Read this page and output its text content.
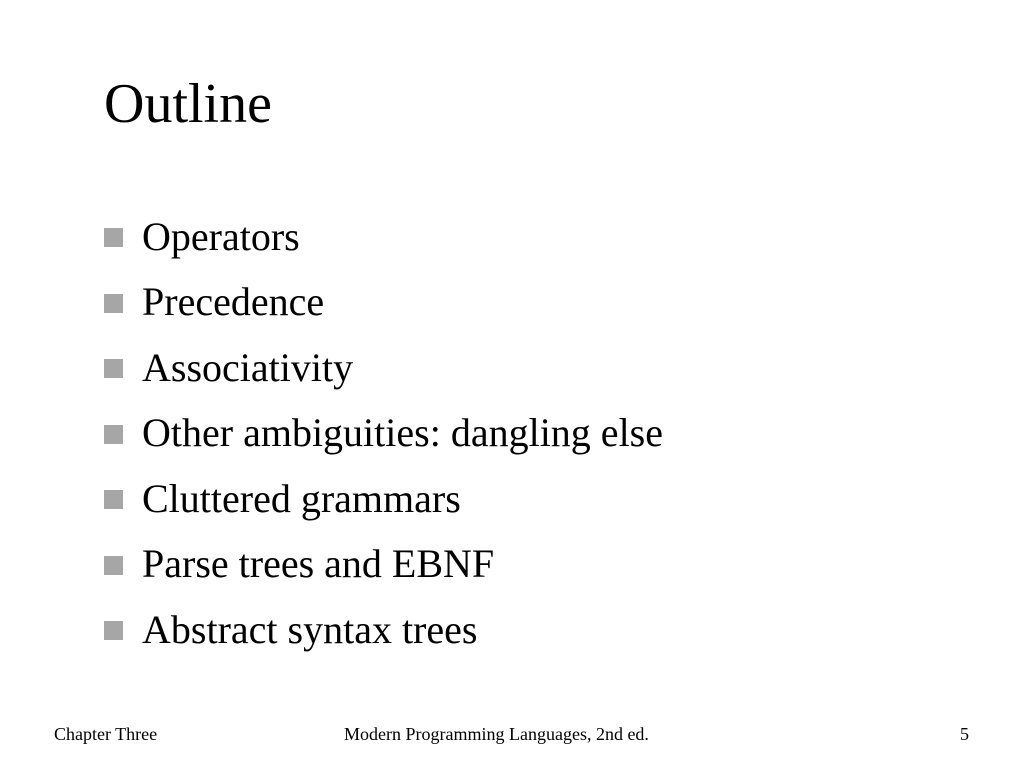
Outline
Operators
Precedence
Associativity
Other ambiguities: dangling else
Cluttered grammars
Parse trees and EBNF
Abstract syntax trees
Chapter Three	Modern Programming Languages, 2nd ed.	5
